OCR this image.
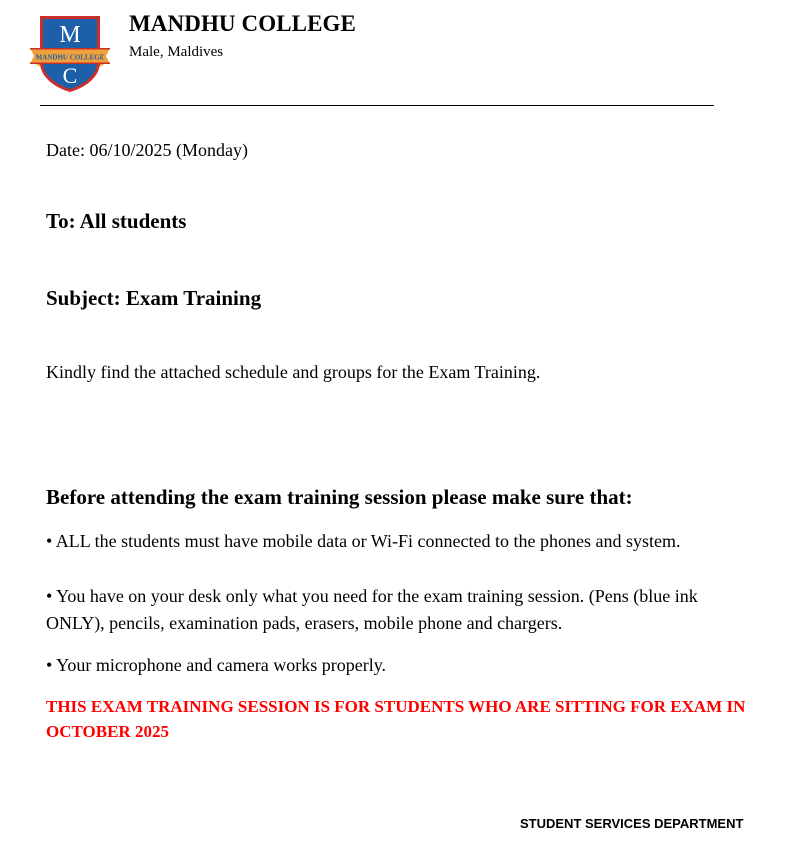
M
MANDHU COLLEGE
C
MANDHU COLLEGE

Male, Maldives

Date: 06/10/2025 (Monday)

To: All students

Subject: Exam Training

Kindly find the attached schedule and groups for the Exam Training.

Before attending the exam training session please make sure that:

• ALL the students must have mobile data or Wi-Fi connected to the phones and system.

• You have on your desk only what you need for the exam training session. (Pens (blue ink ONLY), pencils, examination pads, erasers, mobile phone and chargers.

• Your microphone and camera works properly.

THIS EXAM TRAINING SESSION IS FOR STUDENTS WHO ARE SITTING FOR EXAM IN OCTOBER 2025

STUDENT SERVICES DEPARTMENT
